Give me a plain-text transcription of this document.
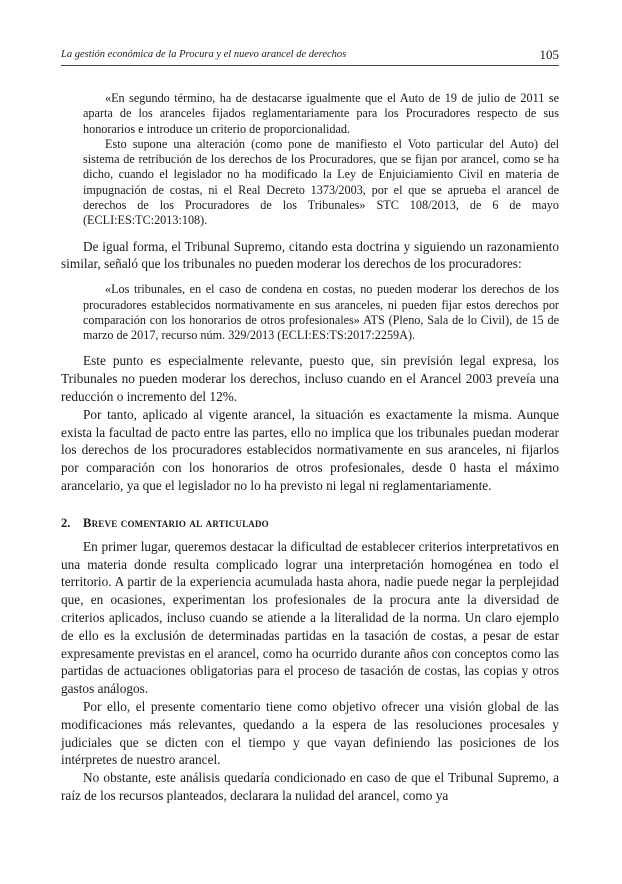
La gestión económica de la Procura y el nuevo arancel de derechos	105

«En segundo término, ha de destacarse igualmente que el Auto de 19 de julio de 2011 se aparta de los aranceles fijados reglamentariamente para los Procuradores respecto de sus honorarios e introduce un criterio de proporcionalidad.

Esto supone una alteración (como pone de manifiesto el Voto particular del Auto) del sistema de retribución de los derechos de los Procuradores, que se fijan por arancel, como se ha dicho, cuando el legislador no ha modificado la Ley de Enjuiciamiento Civil en materia de impugnación de costas, ni el Real Decreto 1373/2003, por el que se aprueba el arancel de derechos de los Procuradores de los Tribunales» STC 108/2013, de 6 de mayo (ECLI:ES:TC:2013:108).

De igual forma, el Tribunal Supremo, citando esta doctrina y siguiendo un razonamiento similar, señaló que los tribunales no pueden moderar los derechos de los procuradores:

«Los tribunales, en el caso de condena en costas, no pueden moderar los derechos de los procuradores establecidos normativamente en sus aranceles, ni pueden fijar estos derechos por comparación con los honorarios de otros profesionales» ATS (Pleno, Sala de lo Civil), de 15 de marzo de 2017, recurso núm. 329/2013 (ECLI:ES:TS:2017:2259A).

Este punto es especialmente relevante, puesto que, sin previsión legal expresa, los Tribunales no pueden moderar los derechos, incluso cuando en el Arancel 2003 preveía una reducción o incremento del 12%.

Por tanto, aplicado al vigente arancel, la situación es exactamente la misma. Aunque exista la facultad de pacto entre las partes, ello no implica que los tribunales puedan moderar los derechos de los procuradores establecidos normativamente en sus aranceles, ni fijarlos por comparación con los honorarios de otros profesionales, desde 0 hasta el máximo arancelario, ya que el legislador no lo ha previsto ni legal ni reglamentariamente.

2. Breve comentario al articulado

En primer lugar, queremos destacar la dificultad de establecer criterios interpretativos en una materia donde resulta complicado lograr una interpretación homogénea en todo el territorio. A partir de la experiencia acumulada hasta ahora, nadie puede negar la perplejidad que, en ocasiones, experimentan los profesionales de la procura ante la diversidad de criterios aplicados, incluso cuando se atiende a la literalidad de la norma. Un claro ejemplo de ello es la exclusión de determinadas partidas en la tasación de costas, a pesar de estar expresamente previstas en el arancel, como ha ocurrido durante años con conceptos como las partidas de actuaciones obligatorias para el proceso de tasación de costas, las copias y otros gastos análogos.

Por ello, el presente comentario tiene como objetivo ofrecer una visión global de las modificaciones más relevantes, quedando a la espera de las resoluciones procesales y judiciales que se dicten con el tiempo y que vayan definiendo las posiciones de los intérpretes de nuestro arancel.

No obstante, este análisis quedaría condicionado en caso de que el Tribunal Supremo, a raíz de los recursos planteados, declarara la nulidad del arancel, como ya
